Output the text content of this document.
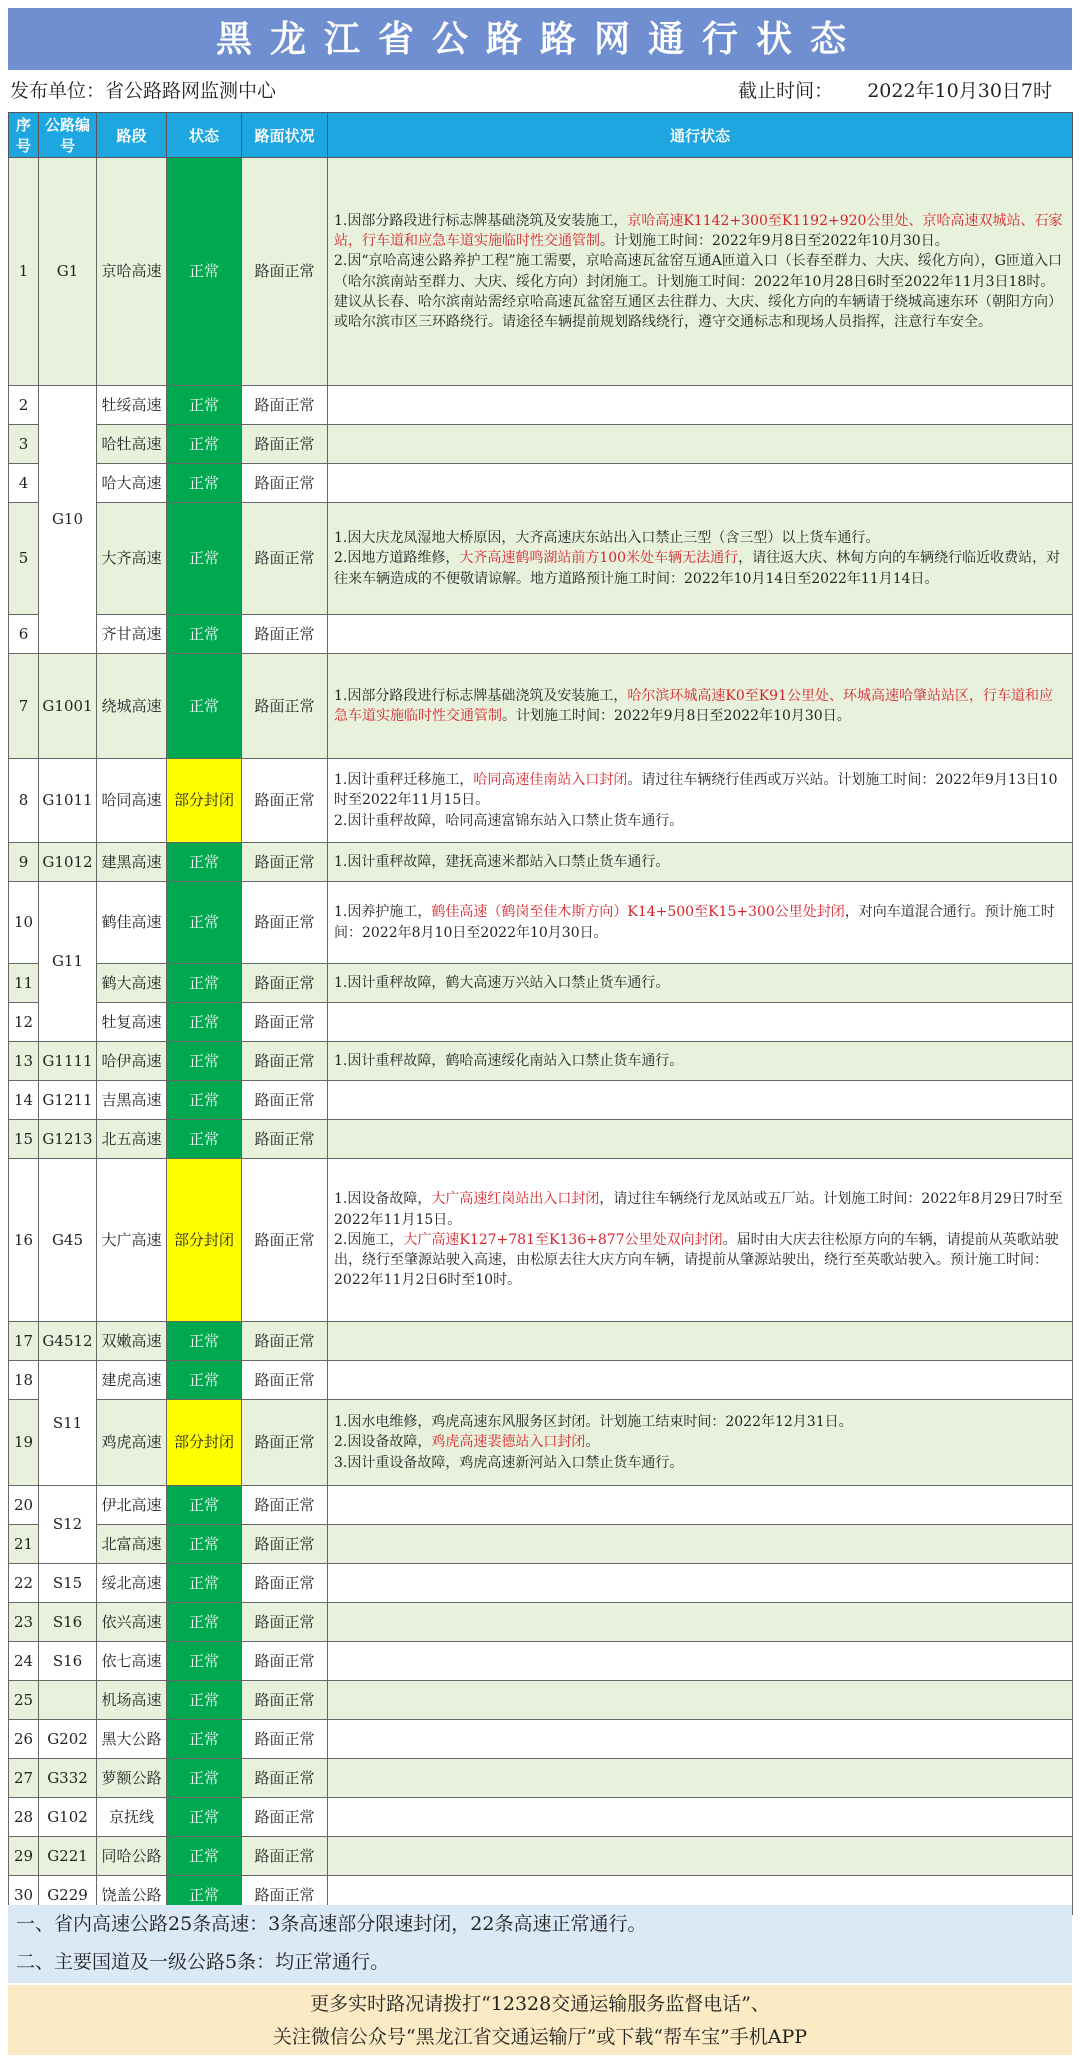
黑龙江省公路路网通行状态
发布单位：省公路路网监测中心	截止时间： 2022年10月30日7时
序号	公路编号	路段	状态	路面状况	通行状态
1	G1	京哈高速	正常	路面正常	1.因部分路段进行标志牌基础浇筑及安装施工，京哈高速K1142+300至K1192+920公里处、京哈高速双城站、石家站，行车道和应急车道实施临时性交通管制。计划施工时间：2022年9月8日至2022年10月30日。

2.因“京哈高速公路养护工程”施工需要，京哈高速瓦盆窑互通A匝道入口（长春至群力、大庆、绥化方向），G匝道入口（哈尔滨南站至群力、大庆、绥化方向）封闭施工。计划施工时间：2022年10月28日6时至2022年11月3日18时。建议从长春、哈尔滨南站需经京哈高速瓦盆窑互通区去往群力、大庆、绥化方向的车辆请于绕城高速东环（朝阳方向）或哈尔滨市区三环路绕行。请途径车辆提前规划路线绕行，遵守交通标志和现场人员指挥，注意行车安全。

2	G10	牡绥高速	正常	路面正常	
3		哈牡高速	正常	路面正常	
4		哈大高速	正常	路面正常	
5		大齐高速	正常	路面正常	1.因大庆龙凤湿地大桥原因，大齐高速庆东站出入口禁止三型（含三型）以上货车通行。

2.因地方道路维修，大齐高速鹤鸣湖站前方100米处车辆无法通行，请往返大庆、林甸方向的车辆绕行临近收费站，对往来车辆造成的不便敬请谅解。地方道路预计施工时间：2022年10月14日至2022年11月14日。

6		齐甘高速	正常	路面正常	
7	G1001	绕城高速	正常	路面正常	1.因部分路段进行标志牌基础浇筑及安装施工，哈尔滨环城高速K0至K91公里处、环城高速哈肇站站区，行车道和应急车道实施临时性交通管制。计划施工时间：2022年9月8日至2022年10月30日。

8	G1011	哈同高速	部分封闭	路面正常	1.因计重秤迁移施工，哈同高速佳南站入口封闭。请过往车辆绕行佳西或万兴站。计划施工时间：2022年9月13日10时至2022年11月15日。

2.因计重秤故障，哈同高速富锦东站入口禁止货车通行。

9	G1012	建黑高速	正常	路面正常	1.因计重秤故障，建抚高速米都站入口禁止货车通行。

10	G11	鹤佳高速	正常	路面正常	1.因养护施工，鹤佳高速（鹤岗至佳木斯方向）K14+500至K15+300公里处封闭，对向车道混合通行。预计施工时间：2022年8月10日至2022年10月30日。

11		鹤大高速	正常	路面正常	1.因计重秤故障，鹤大高速万兴站入口禁止货车通行。

12		牡复高速	正常	路面正常	
13	G1111	哈伊高速	正常	路面正常	1.因计重秤故障，鹤哈高速绥化南站入口禁止货车通行。

14	G1211	吉黑高速	正常	路面正常	
15	G1213	北五高速	正常	路面正常	
16	G45	大广高速	部分封闭	路面正常	1.因设备故障，大广高速红岗站出入口封闭，请过往车辆绕行龙凤站或五厂站。计划施工时间：2022年8月29日7时至2022年11月15日。

2.因施工，大广高速K127+781至K136+877公里处双向封闭。届时由大庆去往松原方向的车辆，请提前从英歌站驶出，绕行至肇源站驶入高速，由松原去往大庆方向车辆，请提前从肇源站驶出，绕行至英歌站驶入。预计施工时间：2022年11月2日6时至10时。

17	G4512	双嫩高速	正常	路面正常	
18	S11	建虎高速	正常	路面正常	
19		鸡虎高速	部分封闭	路面正常	1.因水电维修，鸡虎高速东风服务区封闭。计划施工结束时间：2022年12月31日。

2.因设备故障，鸡虎高速裴德站入口封闭。

3.因计重设备故障，鸡虎高速新河站入口禁止货车通行。

20	S12	伊北高速	正常	路面正常	
21		北富高速	正常	路面正常	
22	S15	绥北高速	正常	路面正常	
23	S16	依兴高速	正常	路面正常	
24	S16	依七高速	正常	路面正常	
25		机场高速	正常	路面正常	
26	G202	黑大公路	正常	路面正常	
27	G332	萝额公路	正常	路面正常	
28	G102	京抚线	正常	路面正常	
29	G221	同哈公路	正常	路面正常	
30	G229	饶盖公路	正常	路面正常	
一、省内高速公路25条高速：3条高速部分限速封闭，22条高速正常通行。
二、主要国道及一级公路5条：均正常通行。
更多实时路况请拨打“12328交通运输服务监督电话”、
关注微信公众号“黑龙江省交通运输厅”或下载“帮车宝”手机APP
